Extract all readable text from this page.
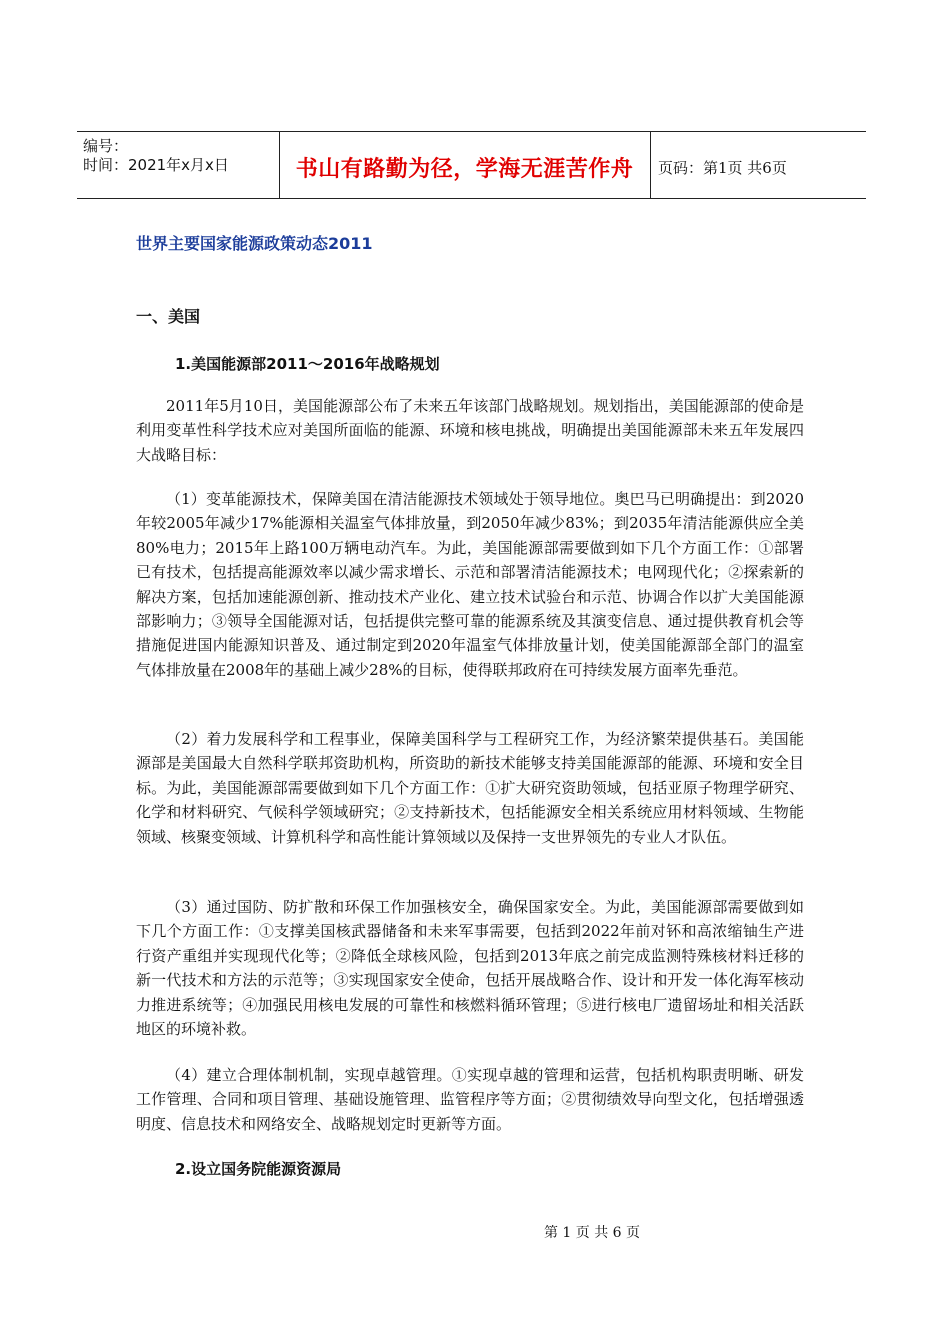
编号：
时间：2021年x月x日	书山有路勤为径，学海无涯苦作舟	页码：第1页 共6页
世界主要国家能源政策动态2011
一、美国
1.美国能源部2011～2016年战略规划
2011年5月10日，美国能源部公布了未来五年该部门战略规划。规划指出，美国能源部的使命是利用变革性科学技术应对美国所面临的能源、环境和核电挑战，明确提出美国能源部未来五年发展四大战略目标：
（1）变革能源技术，保障美国在清洁能源技术领域处于领导地位。奥巴马已明确提出：到2020年较2005年减少17%能源相关温室气体排放量，到2050年减少83%；到2035年清洁能源供应全美80%电力；2015年上路100万辆电动汽车。为此，美国能源部需要做到如下几个方面工作：①部署已有技术，包括提高能源效率以减少需求增长、示范和部署清洁能源技术；电网现代化；②探索新的解决方案，包括加速能源创新、推动技术产业化、建立技术试验台和示范、协调合作以扩大美国能源部影响力；③领导全国能源对话，包括提供完整可靠的能源系统及其演变信息、通过提供教育机会等措施促进国内能源知识普及、通过制定到2020年温室气体排放量计划，使美国能源部全部门的温室气体排放量在2008年的基础上减少28%的目标，使得联邦政府在可持续发展方面率先垂范。
（2）着力发展科学和工程事业，保障美国科学与工程研究工作，为经济繁荣提供基石。美国能源部是美国最大自然科学联邦资助机构，所资助的新技术能够支持美国能源部的能源、环境和安全目标。为此，美国能源部需要做到如下几个方面工作：①扩大研究资助领域，包括亚原子物理学研究、化学和材料研究、气候科学领域研究；②支持新技术，包括能源安全相关系统应用材料领域、生物能领域、核聚变领域、计算机科学和高性能计算领域以及保持一支世界领先的专业人才队伍。
（3）通过国防、防扩散和环保工作加强核安全，确保国家安全。为此，美国能源部需要做到如下几个方面工作：①支撑美国核武器储备和未来军事需要，包括到2022年前对钚和高浓缩铀生产进行资产重组并实现现代化等；②降低全球核风险，包括到2013年底之前完成监测特殊核材料迁移的新一代技术和方法的示范等；③实现国家安全使命，包括开展战略合作、设计和开发一体化海军核动力推进系统等；④加强民用核电发展的可靠性和核燃料循环管理；⑤进行核电厂遗留场址和相关活跃地区的环境补救。
（4）建立合理体制机制，实现卓越管理。①实现卓越的管理和运营，包括机构职责明晰、研发工作管理、合同和项目管理、基础设施管理、监管程序等方面；②贯彻绩效导向型文化，包括增强透明度、信息技术和网络安全、战略规划定时更新等方面。
2.设立国务院能源资源局
第 1 页 共 6 页
